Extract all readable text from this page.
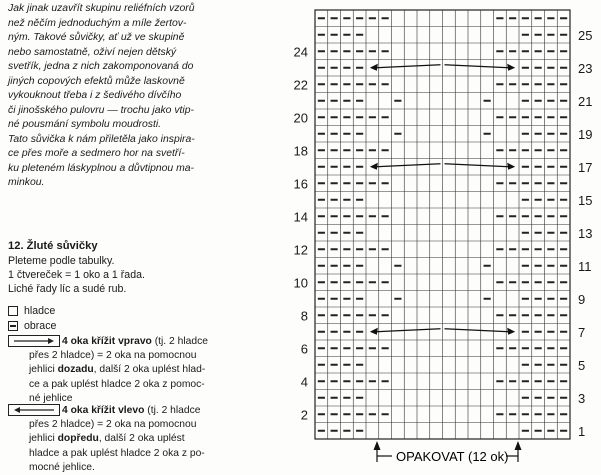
Jak jinak uzavřít skupinu reliéfních vzorů
než něčím jednoduchým a míle žertov-
ným. Takové sůvičky, ať už ve skupině
nebo samostatně, oživí nejen dětský
svetřík, jedna z nich zakomponovaná do
jiných copových efektů může laskovně
vykouknout třeba i z šedivého dívčího
či jinošského pulovru — trochu jako vtip-
né pousmání symbolu moudrosti.
Tato sůvička k nám přiletěla jako inspira-
ce přes moře a sedmero hor na svetří-
ku pleteném láskyplnou a důvtipnou ma-
minkou.
12. Žluté sůvičky
Pleteme podle tabulky.
1 čtvereček = 1 oko a 1 řada.
Liché řady líc a sudé rub.
hladce
obrace
4 oka křížit vpravo (tj. 2 hladce
přes 2 hladce) = 2 oka na pomocnou
jehlici dozadu, další 2 oka uplést hlad-
ce a pak uplést hladce 2 oka z pomoc-
né jehlice
4 oka křížit vlevo (tj. 2 hladce
přes 2 hladce) = 2 oka na pomocnou
jehlici dopředu, další 2 oka uplést
hladce a pak uplést hladce 2 oka z po-
mocné jehlice.
1
3
5
7
9
11
13
15
17
19
21
23
25
2
4
6
8
10
12
14
16
18
20
22
24
OPAKOVAT (12 ok)
